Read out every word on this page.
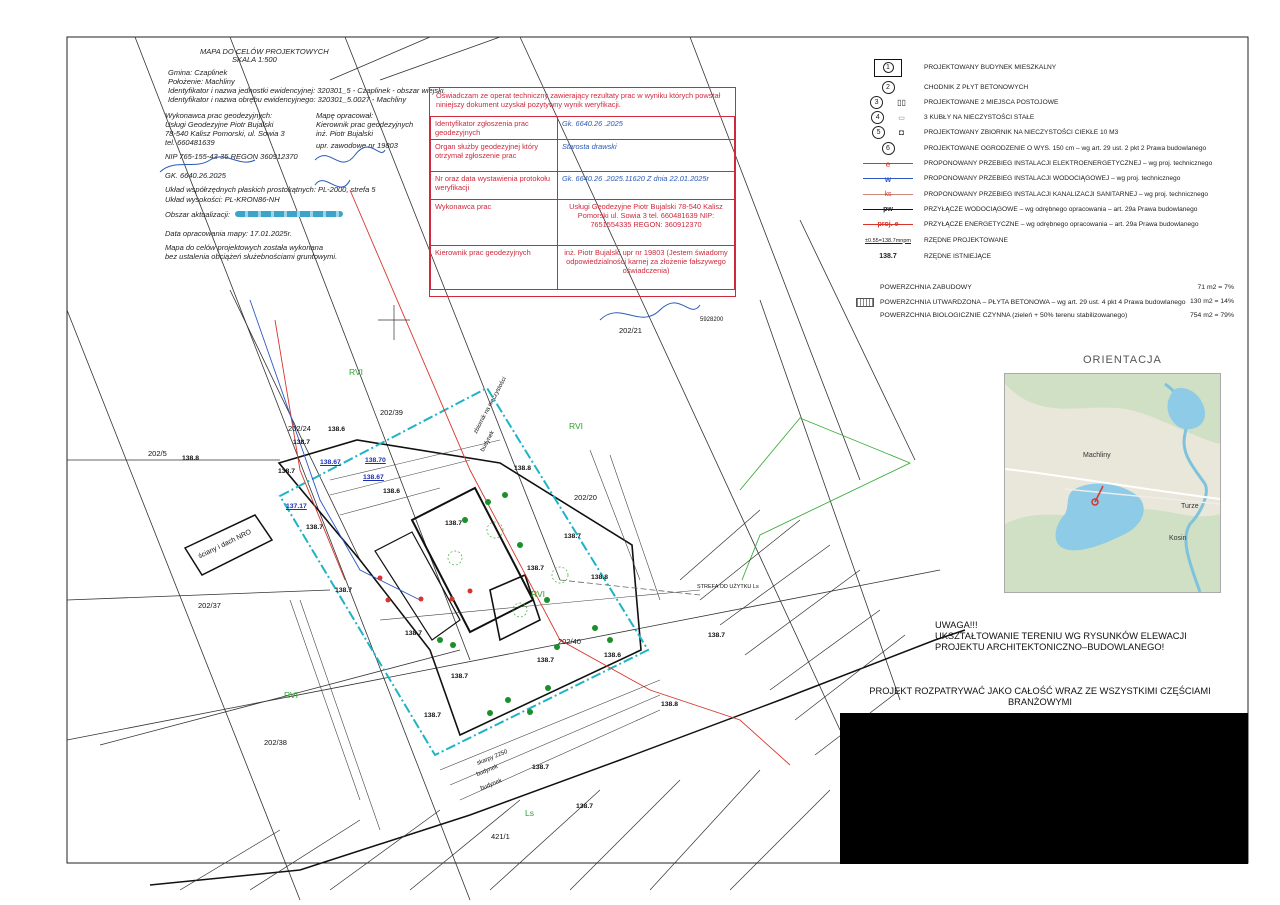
MAPA DO CELÓW PROJEKTOWYCH
SKALA 1:500
Gmina: Czaplinek
Położenie: Machliny
Identyfikator i nazwa jednostki ewidencyjnej: 320301_5 - Czaplinek - obszar wiejski
Identyfikator i nazwa obrębu ewidencyjnego: 320301_5.0027 - Machliny
Wykonawca prac geodezyjnych:
Usługi Geodezyjne Piotr Bujalski
78-540 Kalisz Pomorski, ul. Sowia 3
tel. 660481639
NIP 765-155-43-35 REGON 360912370
Mapę opracował:
Kierownik prac geodezyjnych
inż. Piotr Bujalski
upr. zawodowe nr 19803
GK. 6640.26.2025
Układ współrzędnych płaskich prostokątnych: PL-2000, strefa 5
Układ wysokości: PL-KRON86-NH
Obszar aktualizacji:
Data opracowania mapy: 17.01.2025r.
Mapa do celów projektowych została wykonana
bez ustalenia obciążeń służebnościami gruntowymi.
Oświadczam ze operat techniczny zawierający rezultaty prac w wyniku których powstał niniejszy dokument uzyskał pozytywny wynik weryfikacji.
Identyfikator zgłoszenia prac geodezyjnych	Gk. 6640.26 .2025
Organ służby geodezyjnej który otrzymał zgłoszenie prac	Starosta drawski
Nr oraz data wystawienia protokołu weryfikacji	Gk. 6640.26 .2025.11620 Z dnia 22.01.2025r
Wykonawca prac	Usługi Geodezyjne Piotr Bujalski 78-540 Kalisz Pomorski ul. Sowia 3 tel. 660481639 NIP: 7651554335 REGON: 360912370
Kierownik prac geodezyjnych	inż. Piotr Bujalski upr nr 19803 (Jestem świadomy odpowiedzialności karnej za złożenie fałszywego oświadczenia)
1	PROJEKTOWANY BUDYNEK MIESZKALNY
2	CHODNIK Z PŁYT BETONOWYCH
3	▯▯	PROJEKTOWANE 2 MIEJSCA POSTOJOWE
4	▭	3 KUBŁY NA NIECZYSTOŚCI STAŁE
5	◘	PROJEKTOWANY ZBIORNIK NA NIECZYSTOŚCI CIEKŁE 10 M3
6	PROJEKTOWANE OGRODZENIE O WYS. 150 cm – wg art. 29 ust. 2 pkt 2 Prawa budowlanego
e	PROPONOWANY PRZEBIEG INSTALACJI ELEKTROENERGETYCZNEJ – wg proj. technicznego
w	PROPONOWANY PRZEBIEG INSTALACJI WODOCIĄGOWEJ – wg proj. technicznego
ks	PROPONOWANY PRZEBIEG INSTALACJI KANALIZACJI SANITARNEJ – wg proj. technicznego
pw	PRZYŁĄCZE WODOCIĄGOWE – wg odrębnego opracowania – art. 29a Prawa budowlanego
proj. e	PRZYŁĄCZE ENERGETYCZNE – wg odrębnego opracowania – art. 29a Prawa budowlanego
±0.55=138.7mnpm	RZĘDNE PROJEKTOWANE
138.7	RZĘDNE ISTNIEJĄCE
POWERZCHNIA ZABUDOWY	71 m2 = 7%
POWERZCHNIA UTWARDZONA – PŁYTA BETONOWA – wg art. 29 ust. 4 pkt 4 Prawa budowlanego 130 m2 = 14%
POWERZCHNIA BIOLOGICZNIE CZYNNA (zieleń + 50% terenu stabilizowanego)	754 m2 = 79%
ORIENTACJA
Machliny
Turze
Kosin
UWAGA!!!
UKSZTAŁTOWANIE TERENIU WG RYSUNKÓW ELEWACJI
PROJEKTU ARCHITEKTONICZNO–BUDOWLANEGO!
PROJEKT ROZPATRYWAĆ JAKO CAŁOŚĆ WRAZ ZE WSZYSTKIMI CZĘŚCIAMI
BRANŻOWYMI
202/5
202/24
202/39
202/20
202/37
202/38
202/40
202/21
421/1
RVI
RVI
RVI
RVI
Ls
138.6
138.7
138.8
138.7
138.6
138.8
138.7
138.7
138.7
138.8
138.7
138.7
138.7	138.7
138.6
138.7
138.7
138.8
138.7
138.7
138.7
138.67	138.70
138.67
137.17
ściany i dach NRO
STREFA OD UŻYTKU Ls
zbiornik na nieczystości
budynek
skarpy 2250
budynek
budynek
5928200
